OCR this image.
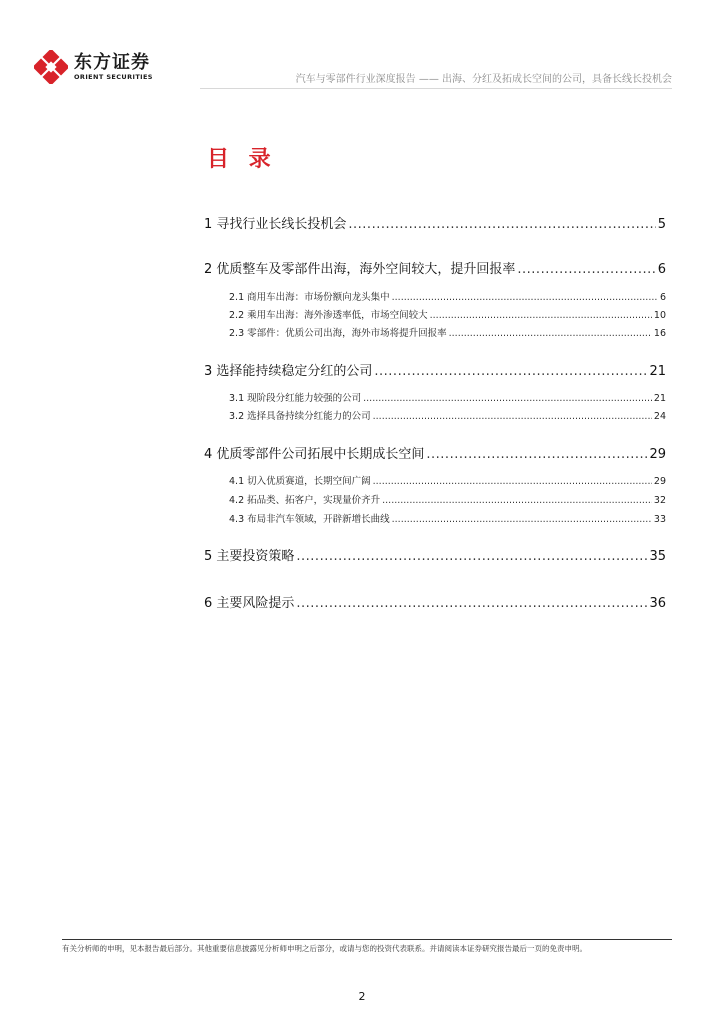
东方证券
ORIENT SECURITIES	汽车与零部件行业深度报告 —— 出海、分红及拓成长空间的公司，具备长线长投机会
目 录
1 寻找行业长线长投机会 .....	5
2 优质整车及零部件出海，海外空间较大，提升回报率 .....	6
2.1 商用车出海：市场份额向龙头集中 .....	6
2.2 乘用车出海：海外渗透率低，市场空间较大 .....	10
2.3 零部件：优质公司出海，海外市场将提升回报率 .....	16
3 选择能持续稳定分红的公司 .....	21
3.1 现阶段分红能力较强的公司 .....	21
3.2 选择具备持续分红能力的公司 .....	24
4 优质零部件公司拓展中长期成长空间 .....	29
4.1 切入优质赛道，长期空间广阔 .....	29
4.2 拓品类、拓客户，实现量价齐升 .....	32
4.3 布局非汽车领域，开辟新增长曲线 .....	33
5 主要投资策略 .....	35
6 主要风险提示 .....	36
有关分析师的申明，见本报告最后部分。其他重要信息披露见分析师申明之后部分，或请与您的投资代表联系。并请阅读本证券研究报告最后一页的免责申明。
2
